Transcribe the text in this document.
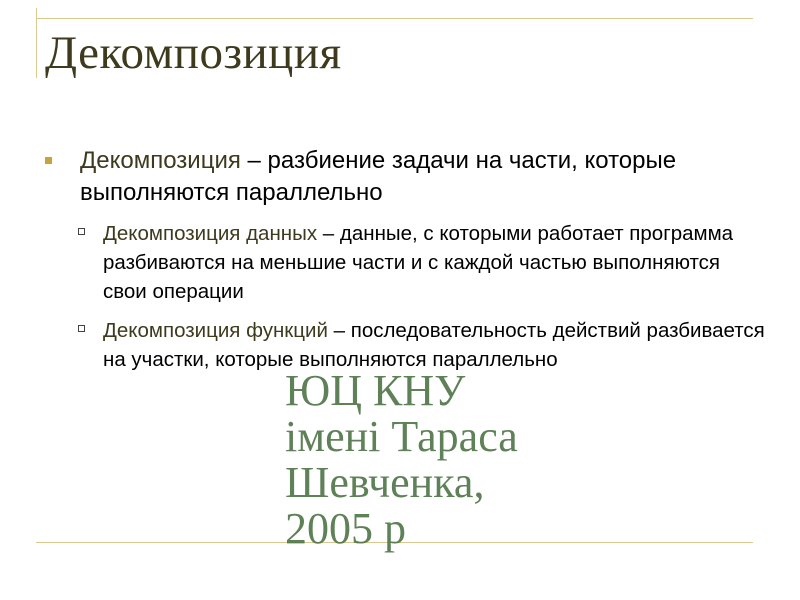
Декомпозиция
Декомпозиция – разбиение задачи на части, которые выполняются параллельно
Декомпозиция данных – данные, с которыми работает программа разбиваются на меньшие части и с каждой частью выполняются свои операции
Декомпозиция функций – последовательность действий разбивается на участки, которые выполняются параллельно
ЮЦ КНУ
імені Тараса
Шевченка,
2005 р
